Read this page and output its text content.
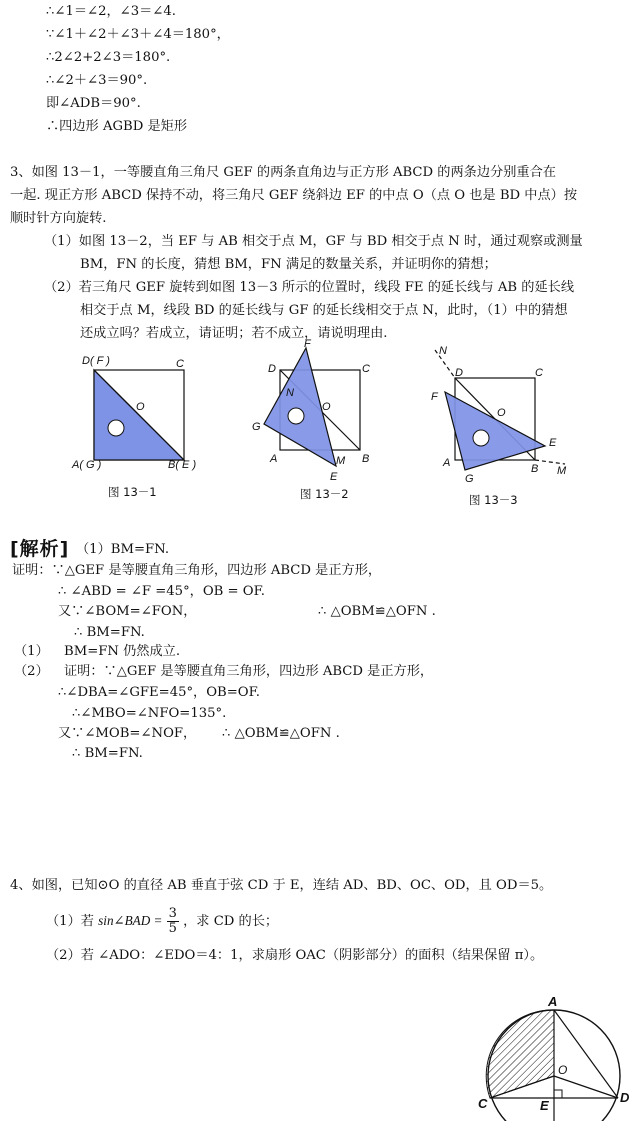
∴∠1＝∠2，∠3＝∠4.
∵∠1＋∠2＋∠3＋∠4＝180°，
∴2∠2+2∠3＝180°.
∴∠2＋∠3＝90°.
即∠ADB＝90°.
∴四边形 AGBD 是矩形
3、如图 13－1，一等腰直角三角尺 GEF 的两条直角边与正方形 ABCD 的两条边分别重合在
一起. 现正方形 ABCD 保持不动，将三角尺 GEF 绕斜边 EF 的中点 O（点 O 也是 BD 中点）按
顺时针方向旋转.
（1）如图 13－2，当 EF 与 AB 相交于点 M，GF 与 BD 相交于点 N 时，通过观察或测量
BM，FN 的长度，猜想 BM，FN 满足的数量关系，并证明你的猜想；
（2）若三角尺 GEF 旋转到如图 13－3 所示的位置时，线段 FE 的延长线与 AB 的延长线
相交于点 M，线段 BD 的延长线与 GF 的延长线相交于点 N，此时，（1）中的猜想
还成立吗？若成立，请证明；若不成立，请说明理由.
D( F )	C
O
A( G )	B( E )
图 13－1
F
D	C
N
O
G
A	M B
E
图 13－2
N
D	C
F
O
E
A	B M
G
图 13－3
[解析] （1）BM=FN.
证明：∵△GEF 是等腰直角三角形，四边形 ABCD 是正方形，
∴ ∠ABD = ∠F =45°，OB = OF.
又∵∠BOM=∠FON，	∴ △OBM≌△OFN .
∴ BM=FN.
（1） BM=FN 仍然成立.
（2） 证明：∵△GEF 是等腰直角三角形，四边形 ABCD 是正方形，
∴∠DBA=∠GFE=45°，OB=OF.
∴∠MBO=∠NFO=135°.
又∵∠MOB=∠NOF， ∴ △OBM≌△OFN .
∴ BM=FN.
4、如图，已知⊙O 的直径 AB 垂直于弦 CD 于 E，连结 AD、BD、OC、OD，且 OD＝5。
（1）若 sin∠BAD = $\frac{3}{5}$ ，求 CD 的长；
（2）若 ∠ADO：∠EDO＝4：1，求扇形 OAC（阴影部分）的面积（结果保留 π）。
A
O
C	E
D
